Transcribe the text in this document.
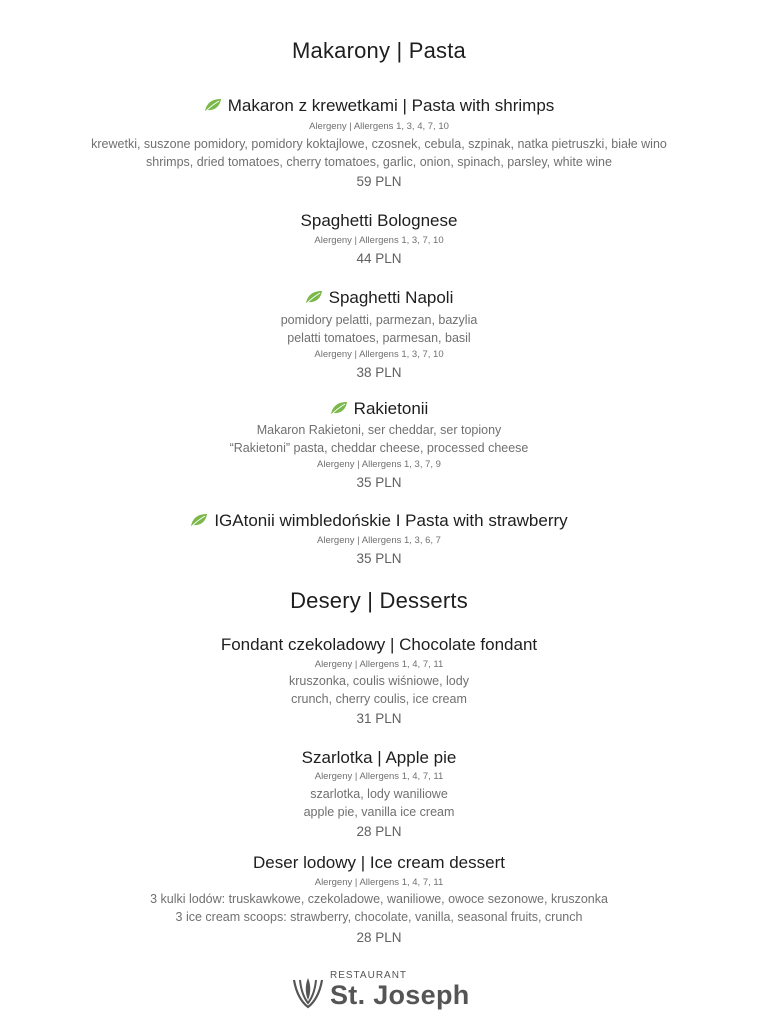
Makarony | Pasta
Makaron z krewetkami | Pasta with shrimps
Alergeny | Allergens 1, 3, 4, 7, 10
krewetki, suszone pomidory, pomidory koktajlowe, czosnek, cebula, szpinak, natka pietruszki, białe wino
shrimps, dried tomatoes, cherry tomatoes, garlic, onion, spinach, parsley, white wine
59 PLN
Spaghetti Bolognese
Alergeny | Allergens 1, 3, 7, 10
44 PLN
Spaghetti Napoli
pomidory pelatti, parmezan, bazylia
pelatti tomatoes, parmesan, basil
Alergeny | Allergens 1, 3, 7, 10
38 PLN
Rakietonii
Makaron Rakietoni, ser cheddar, ser topiony
“Rakietoni” pasta, cheddar cheese, processed cheese
Alergeny | Allergens 1, 3, 7, 9
35 PLN
IGAtonii wimbledońskie I Pasta with strawberry
Alergeny | Allergens 1, 3, 6, 7
35 PLN
Desery | Desserts
Fondant czekoladowy | Chocolate fondant
Alergeny | Allergens 1, 4, 7, 11
kruszonka, coulis wiśniowe, lody
crunch, cherry coulis, ice cream
31 PLN
Szarlotka | Apple pie
Alergeny | Allergens 1, 4, 7, 11
szarlotka, lody waniliowe
apple pie, vanilla ice cream
28 PLN
Deser lodowy | Ice cream dessert
Alergeny | Allergens 1, 4, 7, 11
3 kulki lodów: truskawkowe, czekoladowe, waniliowe, owoce sezonowe, kruszonka
3 ice cream scoops: strawberry, chocolate, vanilla, seasonal fruits, crunch
28 PLN
RESTAURANT
St. Joseph
